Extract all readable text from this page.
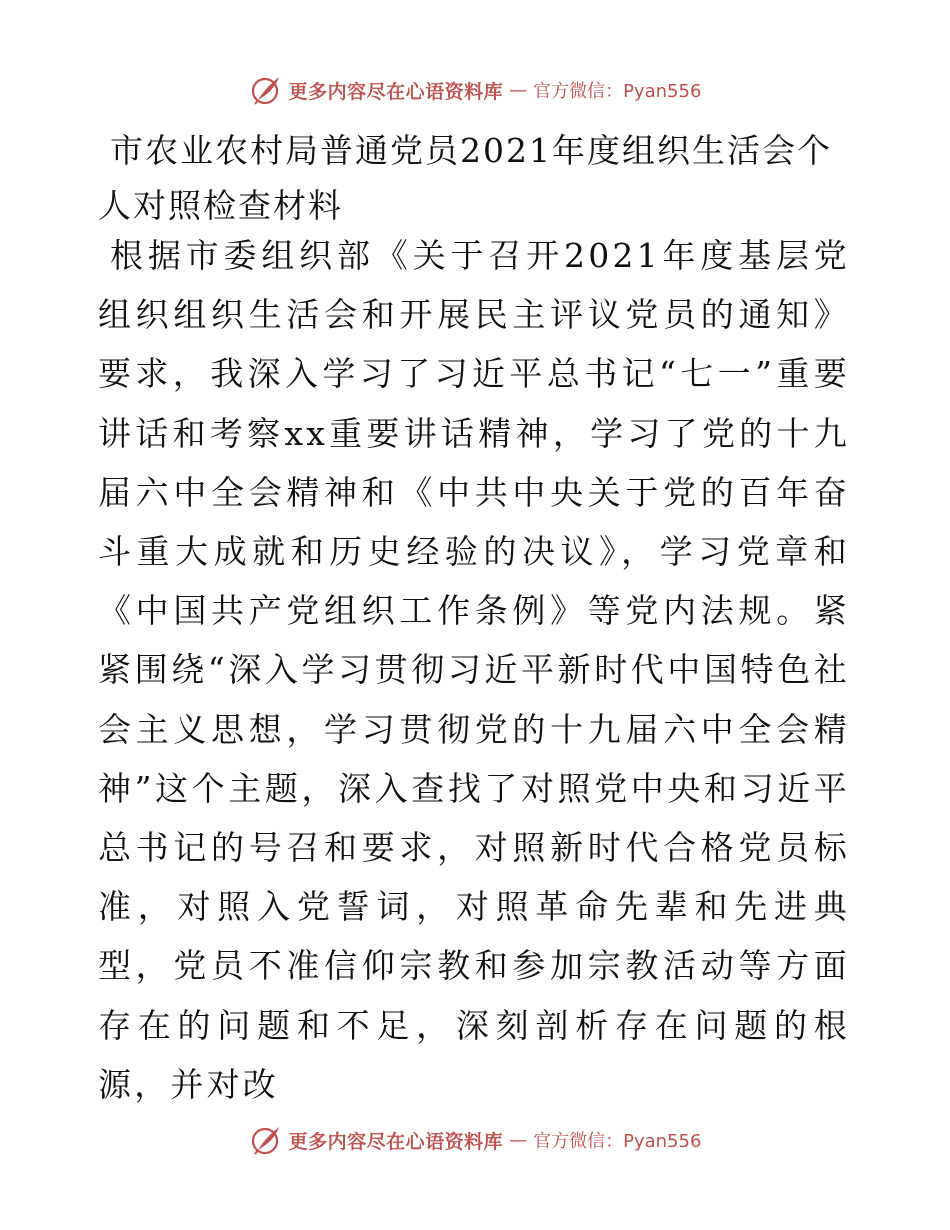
更多内容尽在心语资料库 — 官方微信：Pyan556
市农业农村局普通党员2021年度组织生活会个人对照检查材料

根据市委组织部《关于召开2021年度基层党组织组织生活会和开展民主评议党员的通知》要求，我深入学习了习近平总书记“七一”重要讲话和考察xx重要讲话精神，学习了党的十九届六中全会精神和《中共中央关于党的百年奋斗重大成就和历史经验的决议》，学习党章和《中国共产党组织工作条例》等党内法规。紧紧围绕“深入学习贯彻习近平新时代中国特色社会主义思想，学习贯彻党的十九届六中全会精神”这个主题，深入查找了对照党中央和习近平总书记的号召和要求，对照新时代合格党员标准，对照入党誓词，对照革命先辈和先进典型，党员不准信仰宗教和参加宗教活动等方面存在的问题和不足，深刻剖析存在问题的根源，并对改

更多内容尽在心语资料库 — 官方微信：Pyan556
